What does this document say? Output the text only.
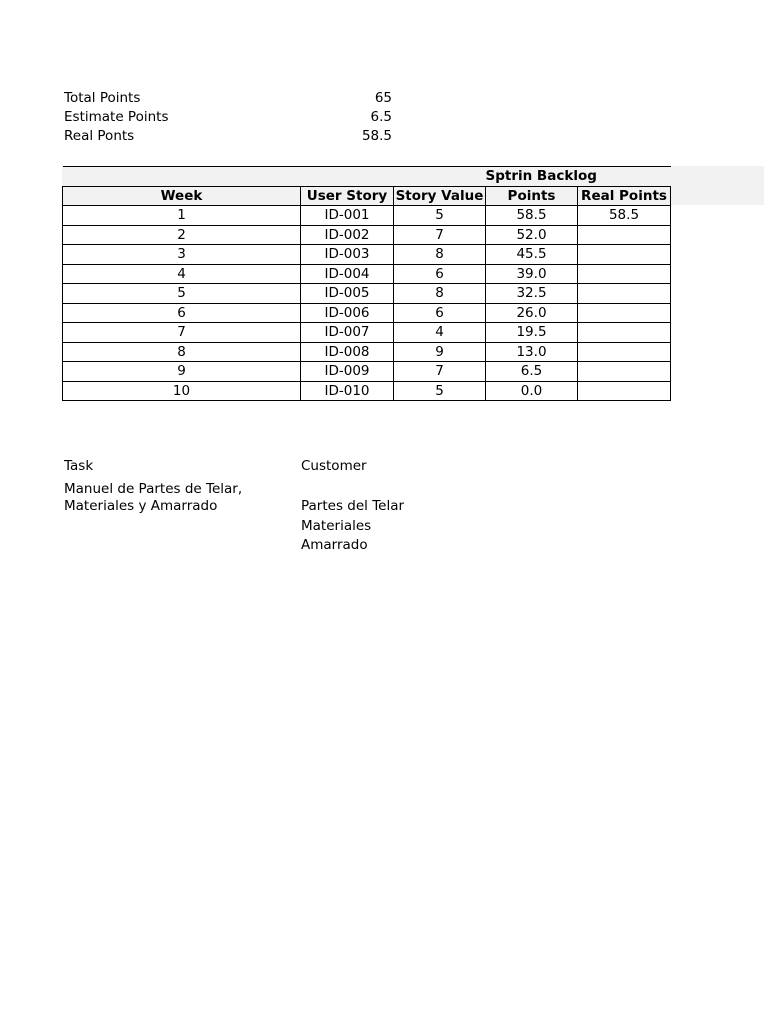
Total Points	65
Estimate Points	6.5
Real Ponts	58.5
			Sptrin Backlog	
Week	User Story	Story Value	Points	Real Points
1	ID-001	5	58.5	58.5
2	ID-002	7	52.0	
3	ID-003	8	45.5	
4	ID-004	6	39.0	
5	ID-005	8	32.5	
6	ID-006	6	26.0	
7	ID-007	4	19.5	
8	ID-008	9	13.0	
9	ID-009	7	6.5	
10	ID-010	5	0.0	
Task	Customer
Manuel de Partes de Telar,
Materiales y Amarrado	Partes del Telar
Materiales
Amarrado
